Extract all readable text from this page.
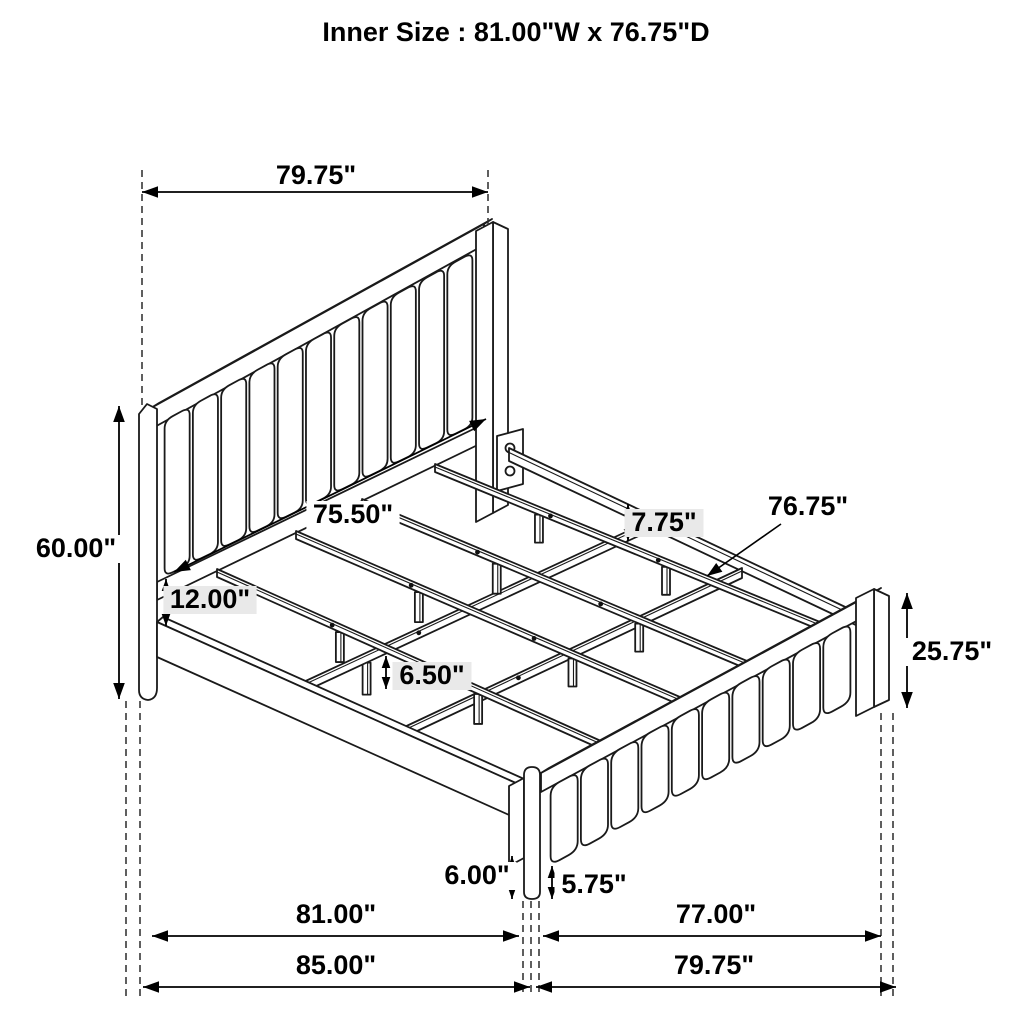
Inner Size : 81.00"W x 76.75"D
79.75"
60.00"
75.50"
12.00"
7.75"
76.75"
6.50"
25.75"
6.00" 5.75"
81.00"	77.00"
85.00"	79.75"
